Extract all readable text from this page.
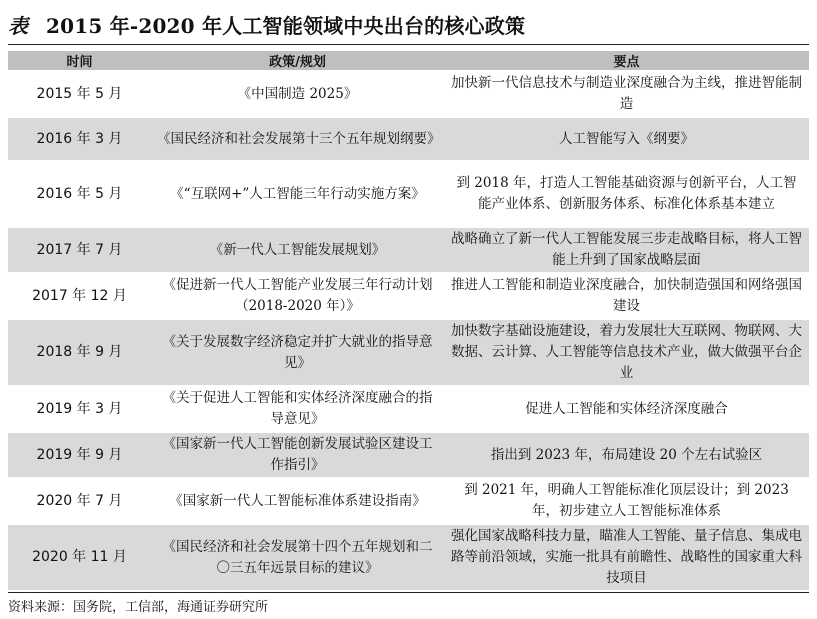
表 2015 年-2020 年人工智能领域中央出台的核心政策
时间	政策/规划	要点
2015 年 5 月	《中国制造 2025》	加快新一代信息技术与制造业深度融合为主线，推进智能制造
2016 年 3 月	《国民经济和社会发展第十三个五年规划纲要》	人工智能写入《纲要》
2016 年 5 月	《“互联网+”人工智能三年行动实施方案》	到 2018 年，打造人工智能基础资源与创新平台，人工智能产业体系、创新服务体系、标准化体系基本建立
2017 年 7 月	《新一代人工智能发展规划》	战略确立了新一代人工智能发展三步走战略目标，将人工智能上升到了国家战略层面
2017 年 12 月	《促进新一代人工智能产业发展三年行动计划（2018-2020 年）》	推进人工智能和制造业深度融合，加快制造强国和网络强国建设
2018 年 9 月	《关于发展数字经济稳定并扩大就业的指导意见》	加快数字基础设施建设，着力发展壮大互联网、物联网、大数据、云计算、人工智能等信息技术产业，做大做强平台企业
2019 年 3 月	《关于促进人工智能和实体经济深度融合的指导意见》	促进人工智能和实体经济深度融合
2019 年 9 月	《国家新一代人工智能创新发展试验区建设工作指引》	指出到 2023 年，布局建设 20 个左右试验区
2020 年 7 月	《国家新一代人工智能标准体系建设指南》	到 2021 年，明确人工智能标准化顶层设计；到 2023 年，初步建立人工智能标准体系
2020 年 11 月	《国民经济和社会发展第十四个五年规划和二〇三五年远景目标的建议》	强化国家战略科技力量，瞄准人工智能、量子信息、集成电路等前沿领域，实施一批具有前瞻性、战略性的国家重大科技项目
资料来源：国务院，工信部，海通证券研究所
